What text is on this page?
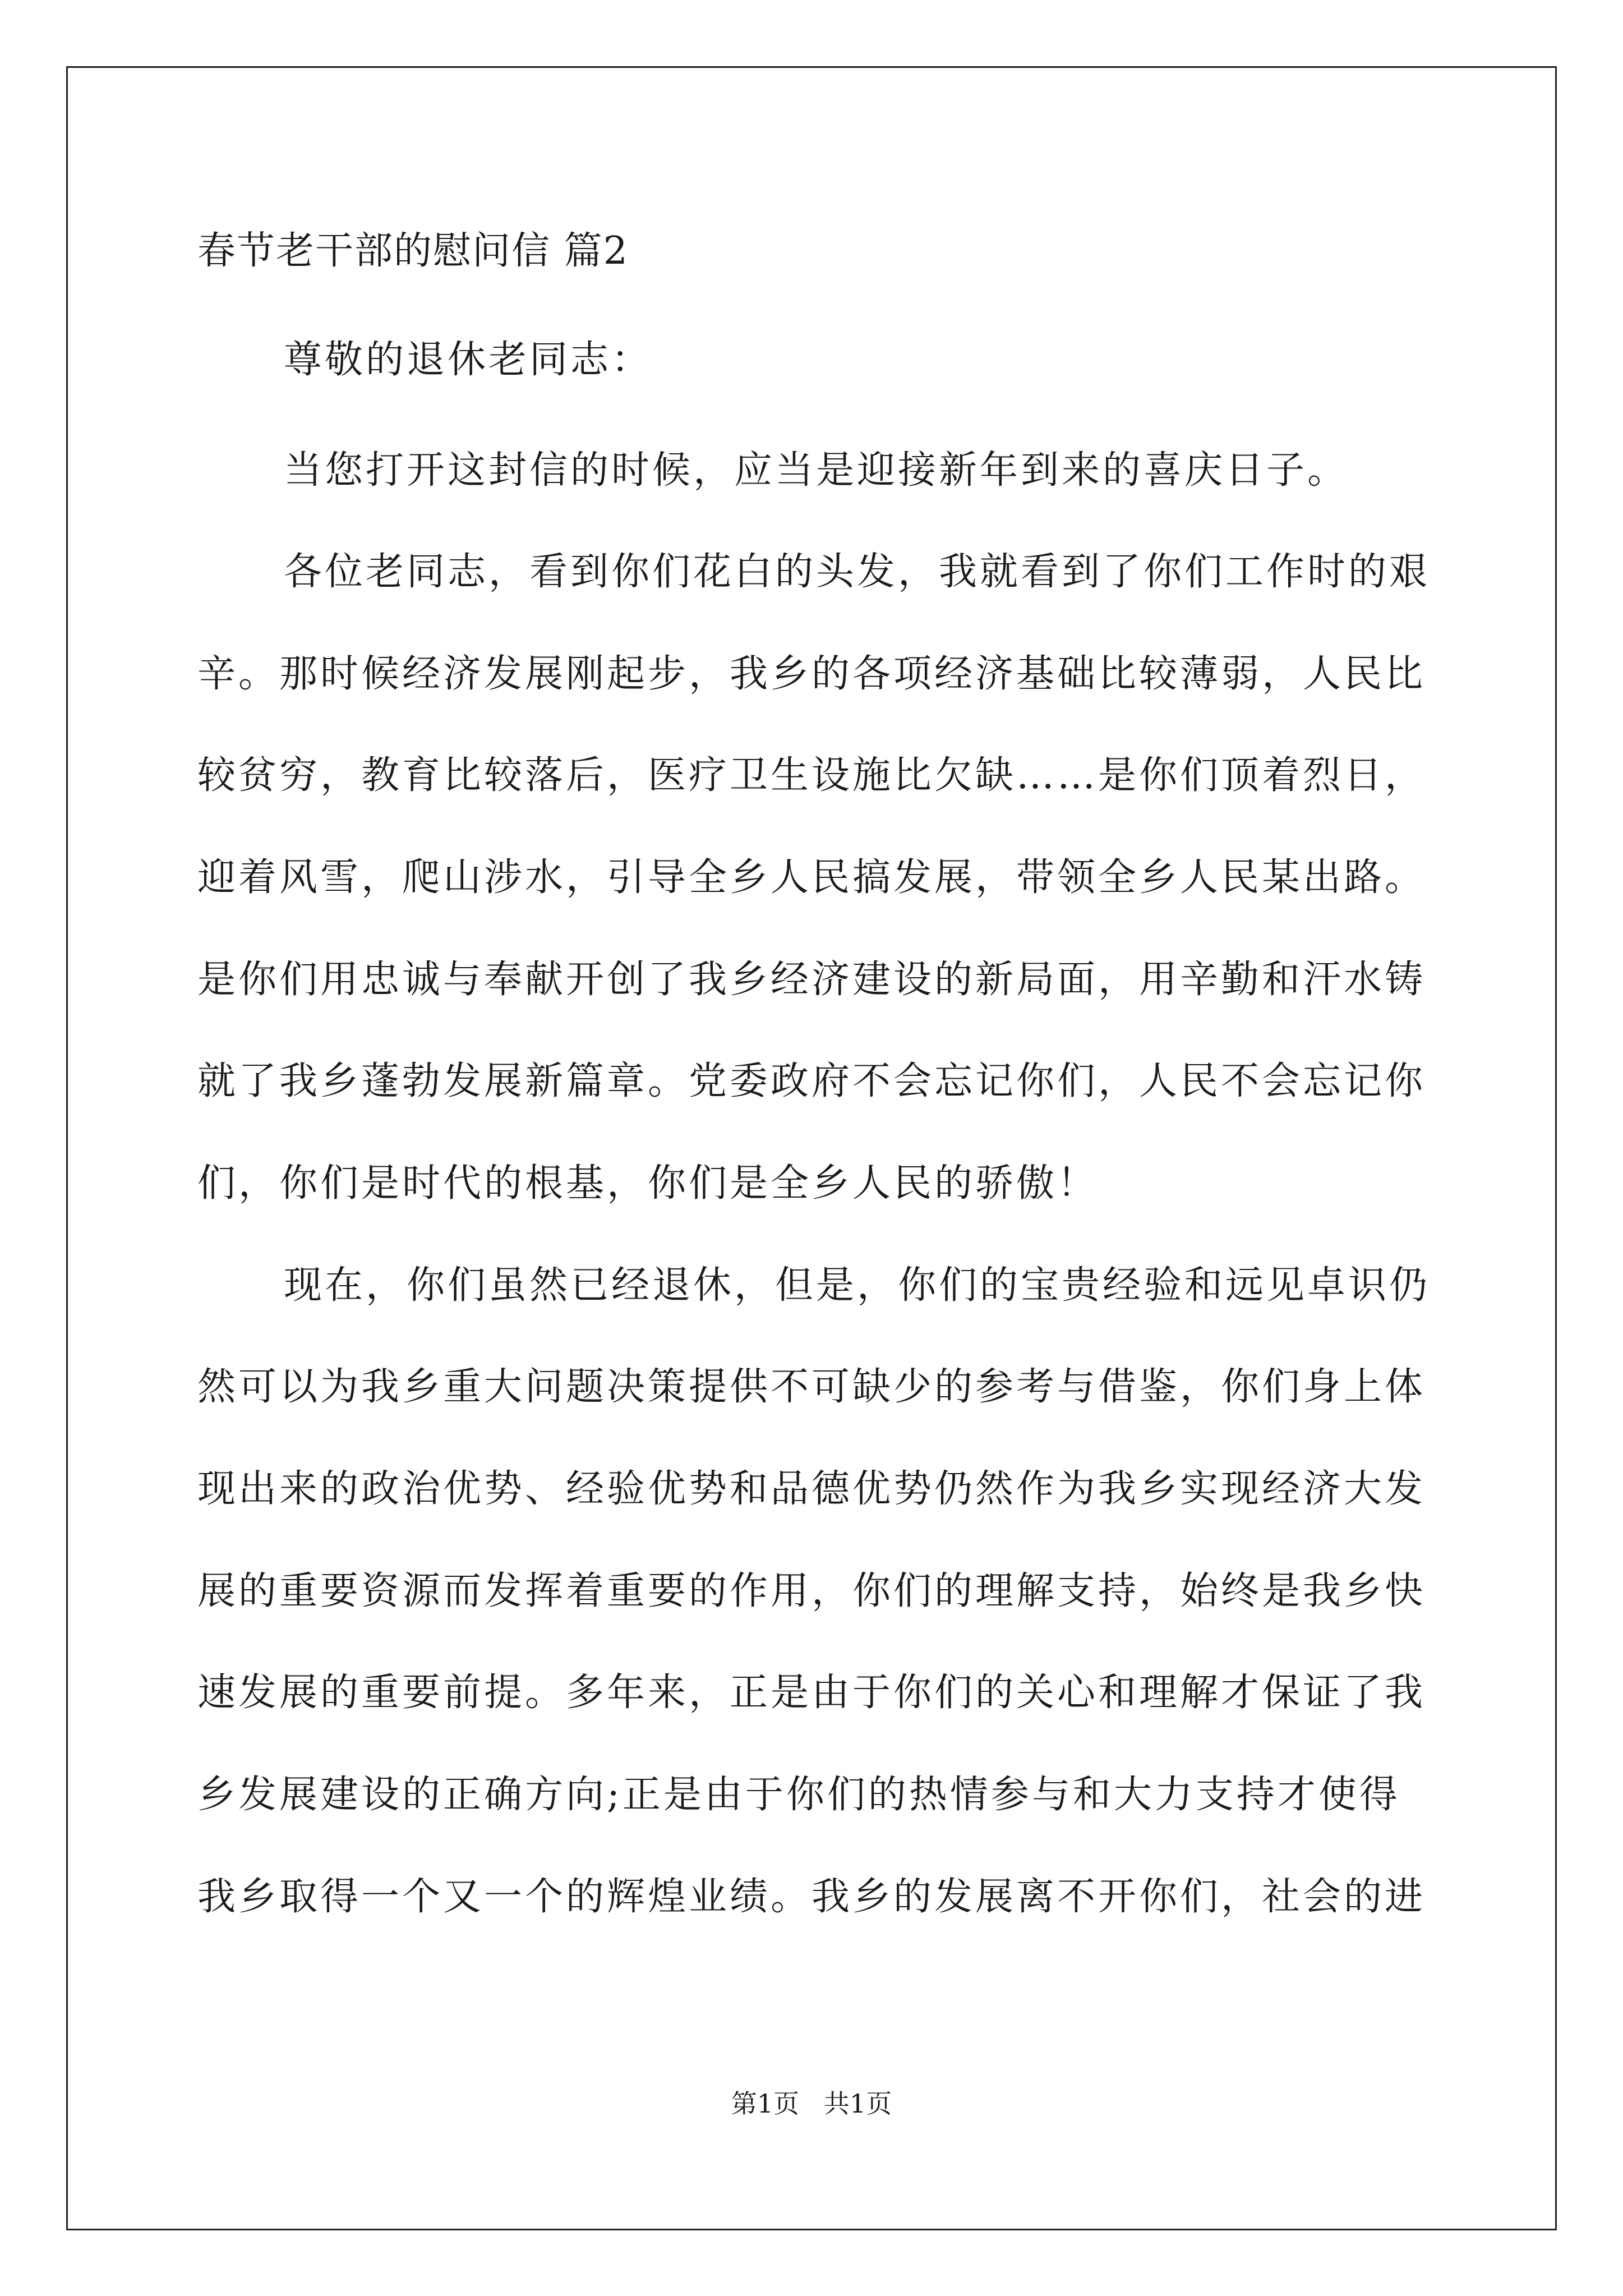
春节老干部的慰问信 篇2
尊敬的退休老同志：
当您打开这封信的时候，应当是迎接新年到来的喜庆日子。
各位老同志，看到你们花白的头发，我就看到了你们工作时的艰
辛。那时候经济发展刚起步，我乡的各项经济基础比较薄弱，人民比
较贫穷，教育比较落后，医疗卫生设施比欠缺……是你们顶着烈日，
迎着风雪，爬山涉水，引导全乡人民搞发展，带领全乡人民某出路。
是你们用忠诚与奉献开创了我乡经济建设的新局面，用辛勤和汗水铸
就了我乡蓬勃发展新篇章。党委政府不会忘记你们，人民不会忘记你
们，你们是时代的根基，你们是全乡人民的骄傲！
现在，你们虽然已经退休，但是，你们的宝贵经验和远见卓识仍
然可以为我乡重大问题决策提供不可缺少的参考与借鉴，你们身上体
现出来的政治优势、经验优势和品德优势仍然作为我乡实现经济大发
展的重要资源而发挥着重要的作用，你们的理解支持，始终是我乡快
速发展的重要前提。多年来，正是由于你们的关心和理解才保证了我
乡发展建设的正确方向;正是由于你们的热情参与和大力支持才使得
我乡取得一个又一个的辉煌业绩。我乡的发展离不开你们，社会的进
第1页   共1页
